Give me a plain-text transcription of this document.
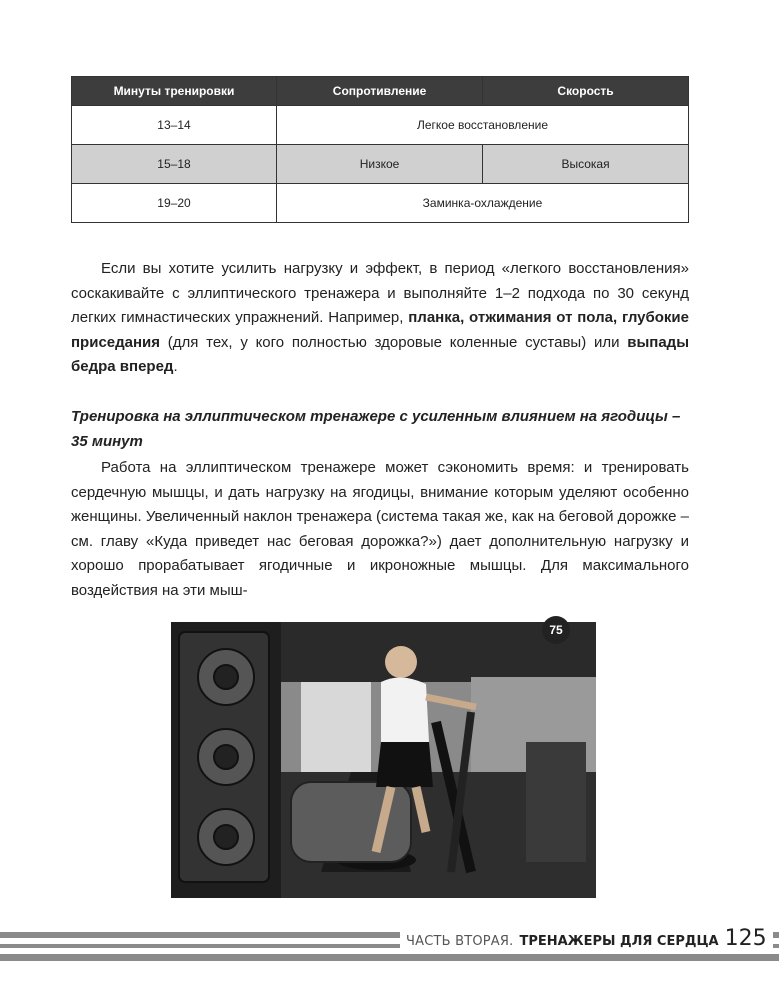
Минуты тренировки	Сопротивление	Скорость
13–14	Легкое восстановление	
15–18	Низкое	Высокая
19–20	Заминка-охлаждение	
Если вы хотите усилить нагрузку и эффект, в период «легкого восстановления» соскакивайте с эллиптического тренажера и выполняйте 1–2 подхода по 30 секунд легких гимнастических упражнений. Например, планка, отжимания от пола, глубокие приседания (для тех, у кого полностью здоровые коленные суставы) или выпады бедра вперед.
Тренировка на эллиптическом тренажере с усиленным влиянием на ягодицы – 35 минут
Работа на эллиптическом тренажере может сэкономить время: и тренировать сердечную мышцы, и дать нагрузку на ягодицы, внимание которым уделяют особенно женщины. Увеличенный наклон тренажера (система такая же, как на беговой дорожке – см. главу «Куда приведет нас беговая дорожка?») дает дополнительную нагрузку и хорошо прорабатывает ягодичные и икроножные мышцы. Для максимального воздействия на эти мыш-
75
ЧАСТЬ ВТОРАЯ. ТРЕНАЖЕРЫ ДЛЯ СЕРДЦА 125
